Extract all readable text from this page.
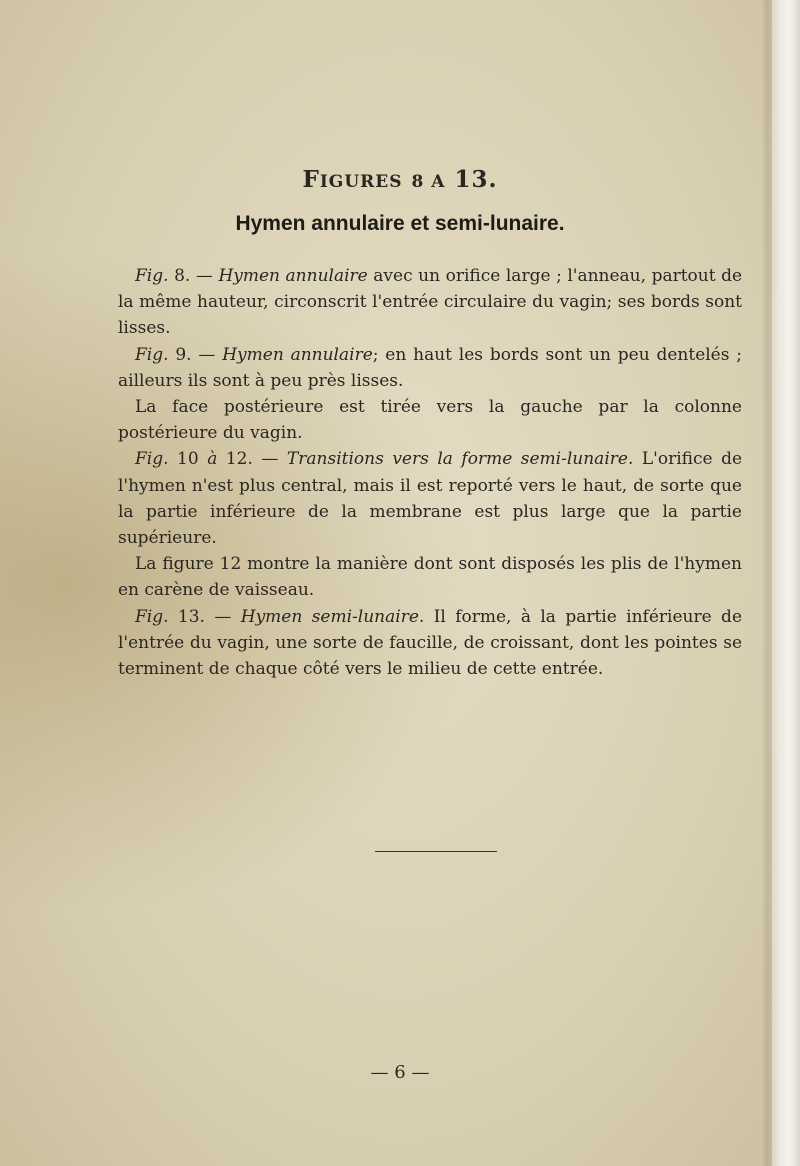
FIGURES 8 A 13.
Hymen annulaire et semi-lunaire.

Fig. 8. — Hymen annulaire avec un orifice large ; l'anneau, partout de la même hauteur, circonscrit l'entrée circulaire du vagin; ses bords sont lisses.

Fig. 9. — Hymen annulaire; en haut les bords sont un peu dentelés ; ailleurs ils sont à peu près lisses.

La face postérieure est tirée vers la gauche par la colonne postérieure du vagin.

Fig. 10 à 12. — Transitions vers la forme semi-lunaire. L'orifice de l'hymen n'est plus central, mais il est reporté vers le haut, de sorte que la partie inférieure de la membrane est plus large que la partie supérieure.

La figure 12 montre la manière dont sont disposés les plis de l'hymen en carène de vaisseau.

Fig. 13. — Hymen semi-lunaire. Il forme, à la partie inférieure de l'entrée du vagin, une sorte de faucille, de croissant, dont les pointes se terminent de chaque côté vers le milieu de cette entrée.

— 6 —
